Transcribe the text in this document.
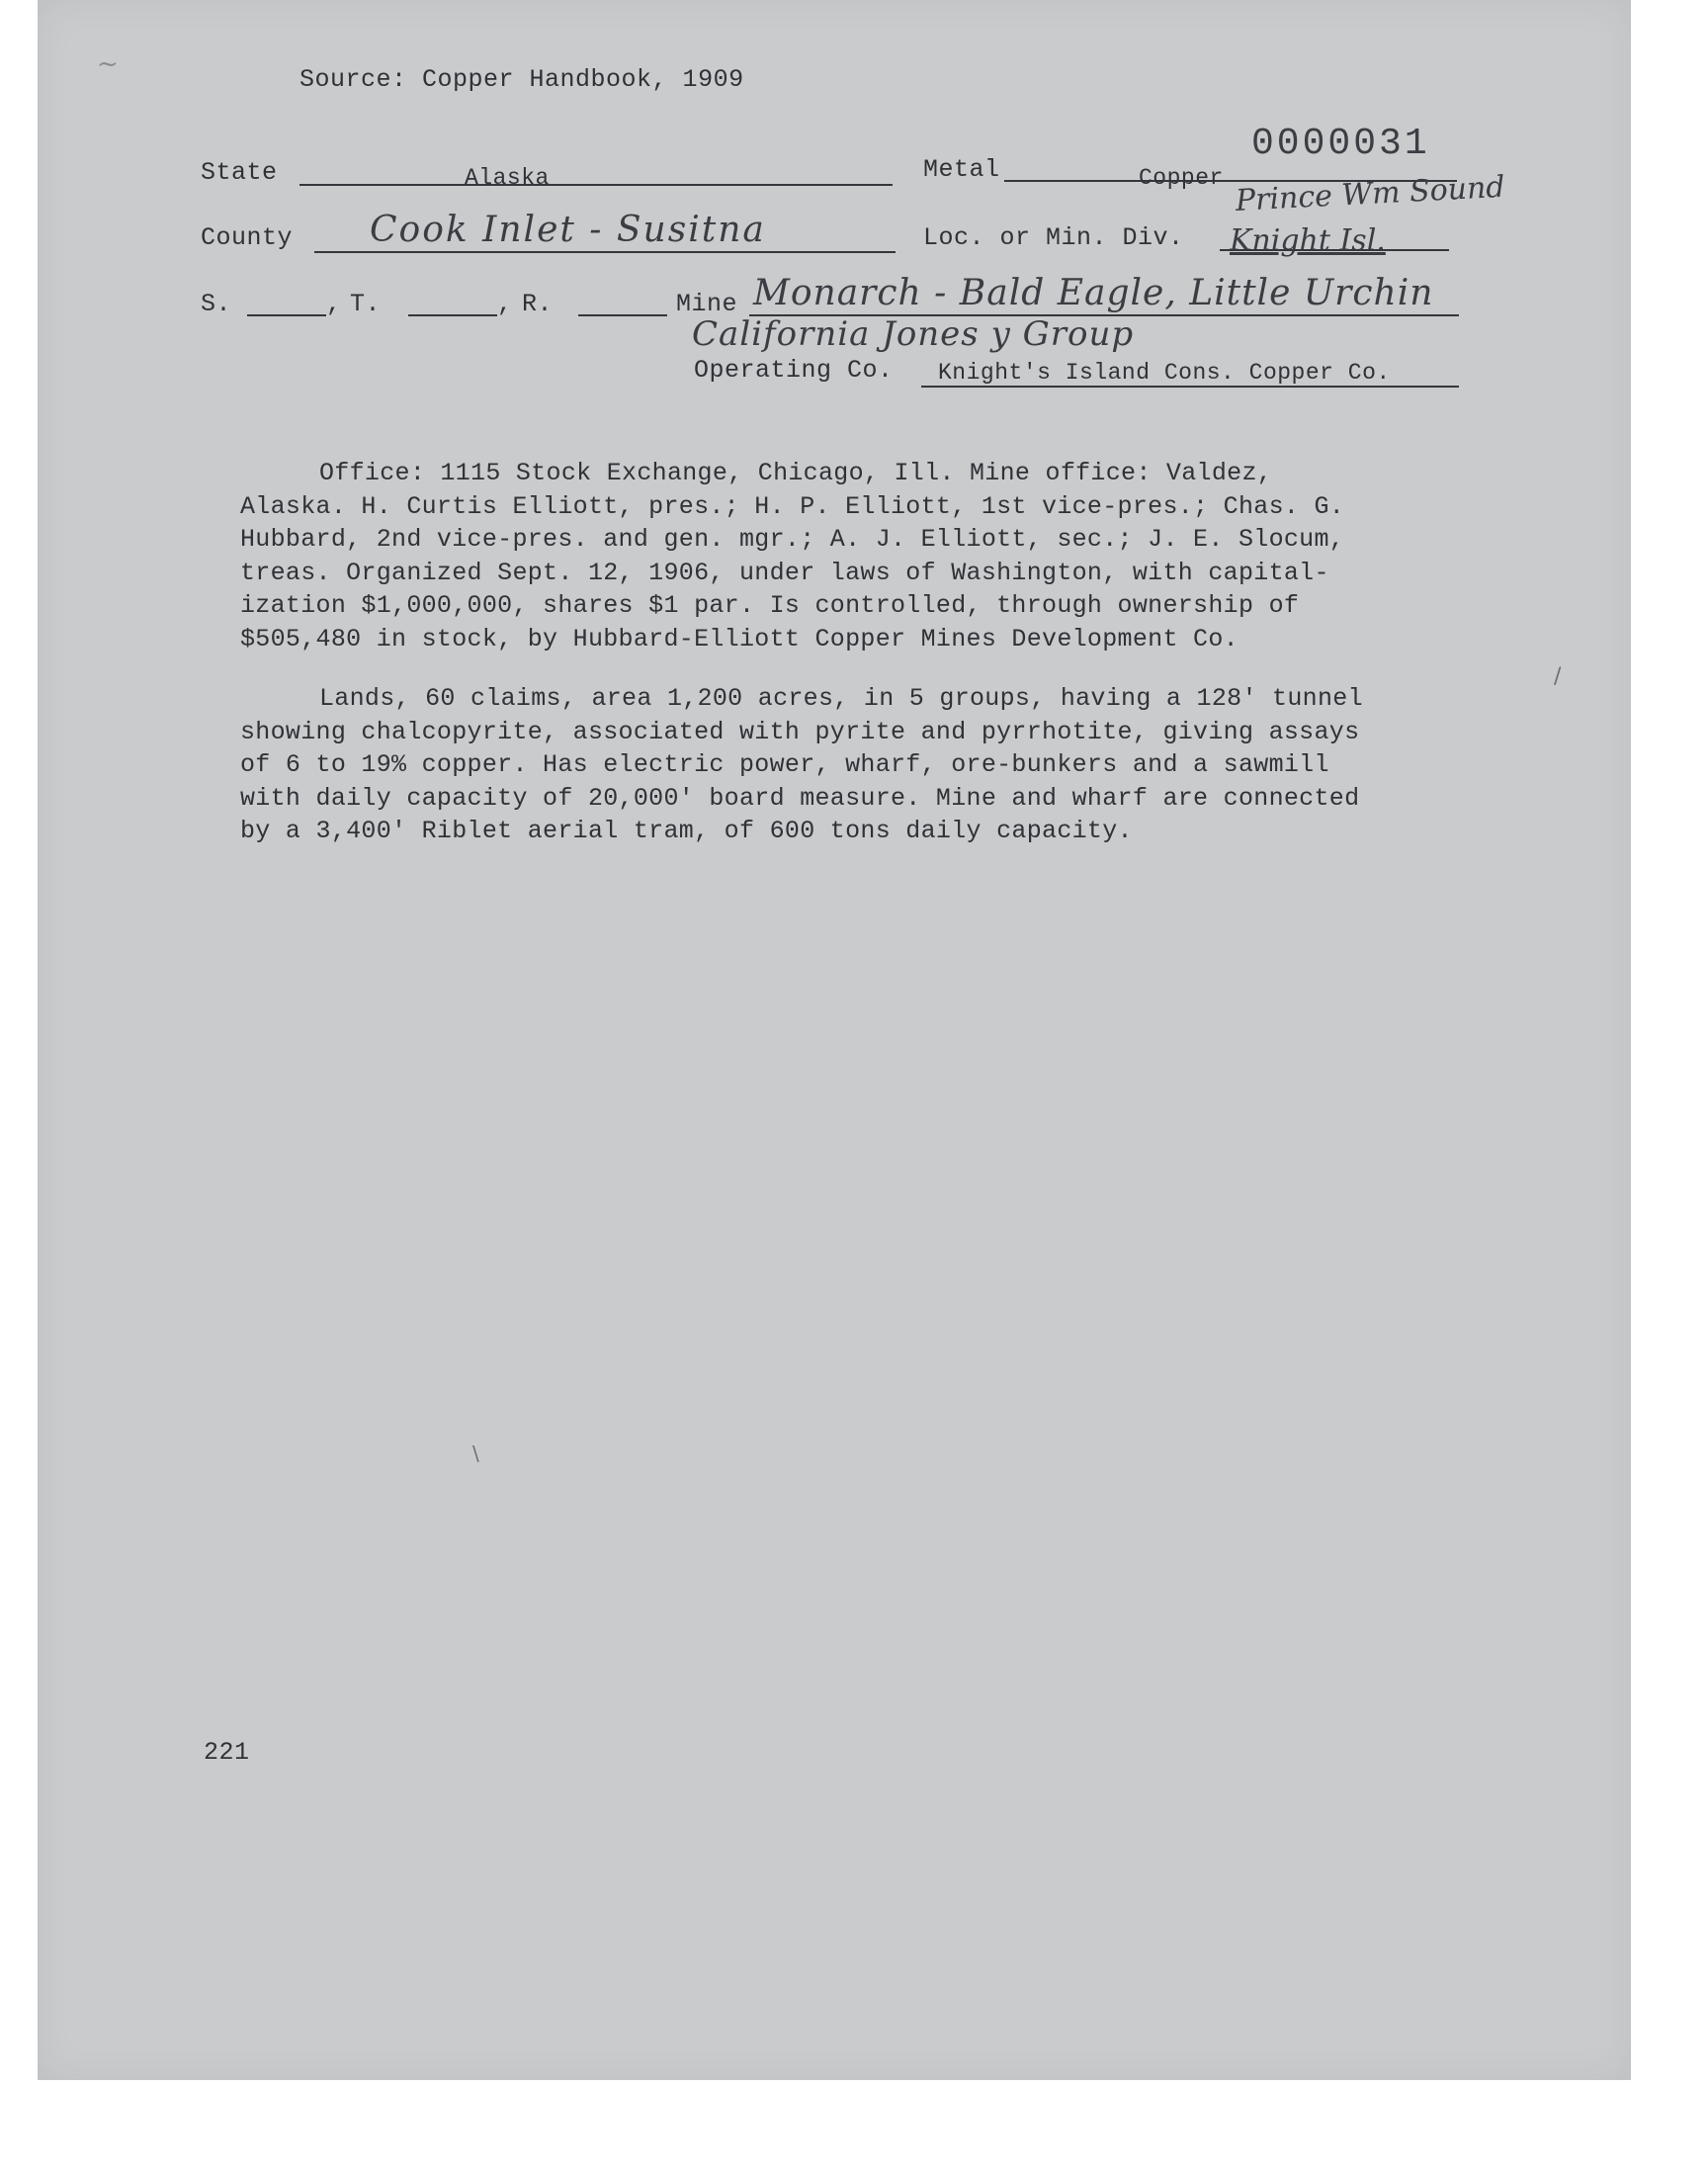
Source: Copper Handbook, 1909
0000031
State	Alaska	Metal	Copper
County Cook Inlet - Susitna	Loc. or Min. Div.
Prince Wm Sound
Knight Isl.
S.	, T.	, R.	Mine Monarch - Bald Eagle, Little Urchin
California Jones y Group
Operating Co. Knight's Island Cons. Copper Co.

Office: 1115 Stock Exchange, Chicago, Ill. Mine office: Valdez,
Alaska. H. Curtis Elliott, pres.; H. P. Elliott, 1st vice-pres.; Chas. G.
Hubbard, 2nd vice-pres. and gen. mgr.; A. J. Elliott, sec.; J. E. Slocum,
treas. Organized Sept. 12, 1906, under laws of Washington, with capital-
ization $1,000,000, shares $1 par. Is controlled, through ownership of
$505,480 in stock, by Hubbard-Elliott Copper Mines Development Co.

Lands, 60 claims, area 1,200 acres, in 5 groups, having a 128' tunnel
showing chalcopyrite, associated with pyrite and pyrrhotite, giving assays
of 6 to 19% copper. Has electric power, wharf, ore-bunkers and a sawmill
with daily capacity of 20,000' board measure. Mine and wharf are connected
by a 3,400' Riblet aerial tram, of 600 tons daily capacity.

221
/
\
~
